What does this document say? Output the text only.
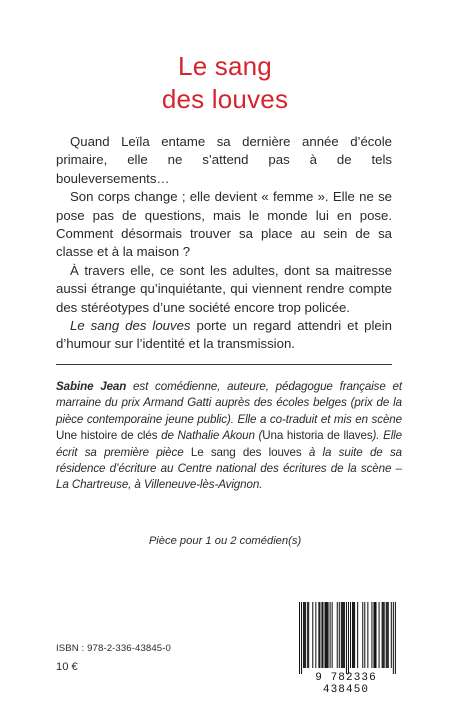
Le sang
des louves

Quand Leïla entame sa dernière année d’école primaire, elle ne s’attend pas à de tels bouleversements…

Son corps change ; elle devient « femme ». Elle ne se pose pas de questions, mais le monde lui en pose. Comment désormais trouver sa place au sein de sa classe et à la maison ?

À travers elle, ce sont les adultes, dont sa maitresse aussi étrange qu’inquiétante, qui viennent rendre compte des stéréotypes d’une société encore trop policée.

Le sang des louves porte un regard attendri et plein d’humour sur l’identité et la transmission.

Sabine Jean est comédienne, auteure, pédagogue française et marraine du prix Armand Gatti auprès des écoles belges (prix de la pièce contemporaine jeune public). Elle a co-traduit et mis en scène Une histoire de clés de Nathalie Akoun (Una historia de llaves). Elle écrit sa première pièce Le sang des louves à la suite de sa résidence d’écriture au Centre national des écritures de la scène – La Chartreuse, à Villeneuve-lès-Avignon.
Pièce pour 1 ou 2 comédien(s)
ISBN : 978-2-336-43845-0
10 €
9 782336 438450
